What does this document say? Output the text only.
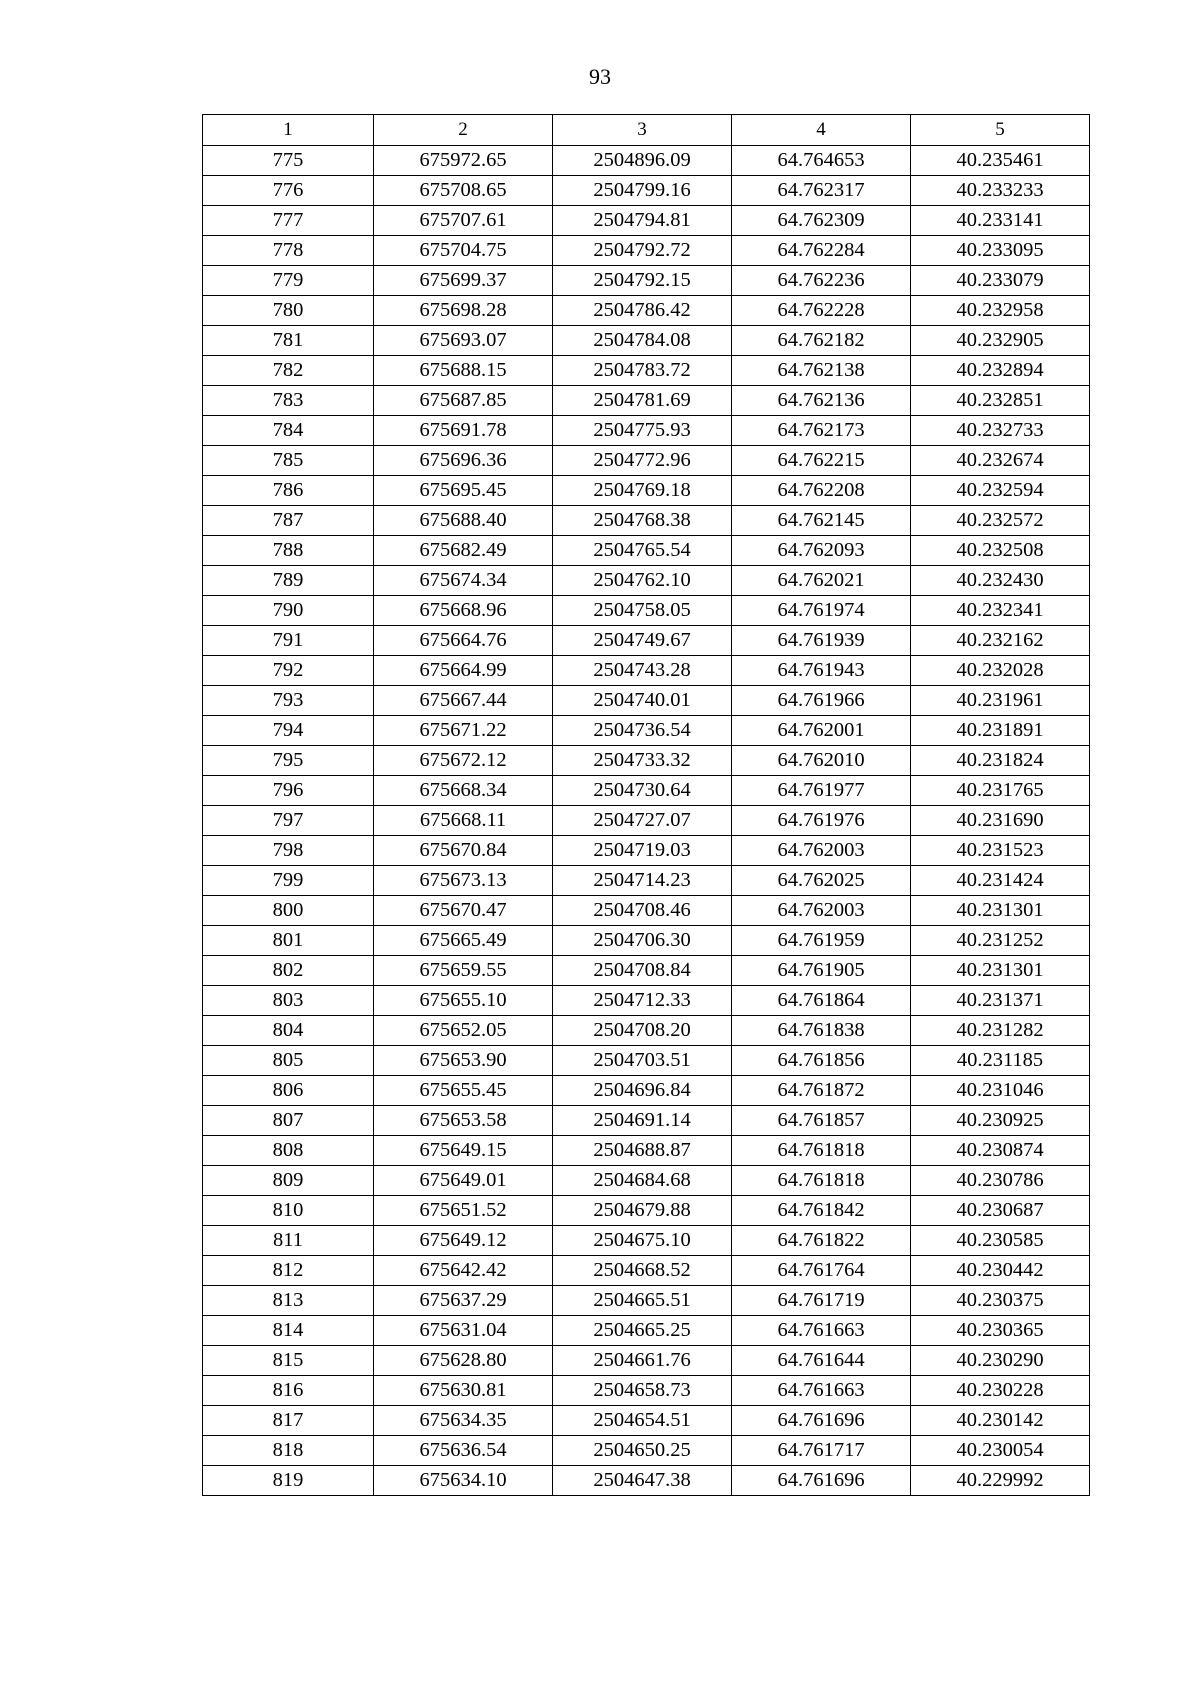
93
1	2	3	4	5
775	675972.65	2504896.09	64.764653	40.235461
776	675708.65	2504799.16	64.762317	40.233233
777	675707.61	2504794.81	64.762309	40.233141
778	675704.75	2504792.72	64.762284	40.233095
779	675699.37	2504792.15	64.762236	40.233079
780	675698.28	2504786.42	64.762228	40.232958
781	675693.07	2504784.08	64.762182	40.232905
782	675688.15	2504783.72	64.762138	40.232894
783	675687.85	2504781.69	64.762136	40.232851
784	675691.78	2504775.93	64.762173	40.232733
785	675696.36	2504772.96	64.762215	40.232674
786	675695.45	2504769.18	64.762208	40.232594
787	675688.40	2504768.38	64.762145	40.232572
788	675682.49	2504765.54	64.762093	40.232508
789	675674.34	2504762.10	64.762021	40.232430
790	675668.96	2504758.05	64.761974	40.232341
791	675664.76	2504749.67	64.761939	40.232162
792	675664.99	2504743.28	64.761943	40.232028
793	675667.44	2504740.01	64.761966	40.231961
794	675671.22	2504736.54	64.762001	40.231891
795	675672.12	2504733.32	64.762010	40.231824
796	675668.34	2504730.64	64.761977	40.231765
797	675668.11	2504727.07	64.761976	40.231690
798	675670.84	2504719.03	64.762003	40.231523
799	675673.13	2504714.23	64.762025	40.231424
800	675670.47	2504708.46	64.762003	40.231301
801	675665.49	2504706.30	64.761959	40.231252
802	675659.55	2504708.84	64.761905	40.231301
803	675655.10	2504712.33	64.761864	40.231371
804	675652.05	2504708.20	64.761838	40.231282
805	675653.90	2504703.51	64.761856	40.231185
806	675655.45	2504696.84	64.761872	40.231046
807	675653.58	2504691.14	64.761857	40.230925
808	675649.15	2504688.87	64.761818	40.230874
809	675649.01	2504684.68	64.761818	40.230786
810	675651.52	2504679.88	64.761842	40.230687
811	675649.12	2504675.10	64.761822	40.230585
812	675642.42	2504668.52	64.761764	40.230442
813	675637.29	2504665.51	64.761719	40.230375
814	675631.04	2504665.25	64.761663	40.230365
815	675628.80	2504661.76	64.761644	40.230290
816	675630.81	2504658.73	64.761663	40.230228
817	675634.35	2504654.51	64.761696	40.230142
818	675636.54	2504650.25	64.761717	40.230054
819	675634.10	2504647.38	64.761696	40.229992
